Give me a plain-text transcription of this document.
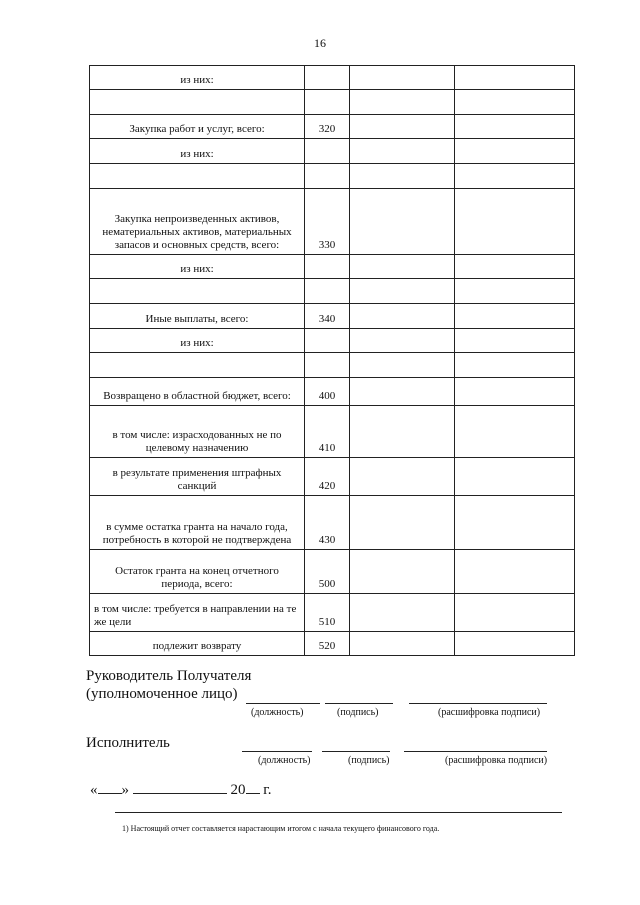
16
из них:			

Закупка работ и услуг, всего:	320		
из них:			

Закупка непроизведенных активов, нематериальных активов, материальных запасов и основных средств, всего:	330		
из них:			

Иные выплаты, всего:	340		
из них:			

Возвращено в областной бюджет, всего:	400		
в том числе: израсходованных не по целевому назначению	410		
в результате применения штрафных санкций	420		
в сумме остатка гранта на начало года, потребность в которой не подтверждена	430		
Остаток гранта на конец отчетного периода, всего:	500		
в том числе: требуется в направлении на те же цели	510		
подлежит возврату	520		
Руководитель Получателя
(уполномоченное лицо)
(должность)	(подпись)	(расшифровка подписи)
Исполнитель
(должность)	(подпись)	(расшифровка подписи)
« »	20 г.
1) Настоящий отчет составляется нарастающим итогом с начала текущего финансового года.
